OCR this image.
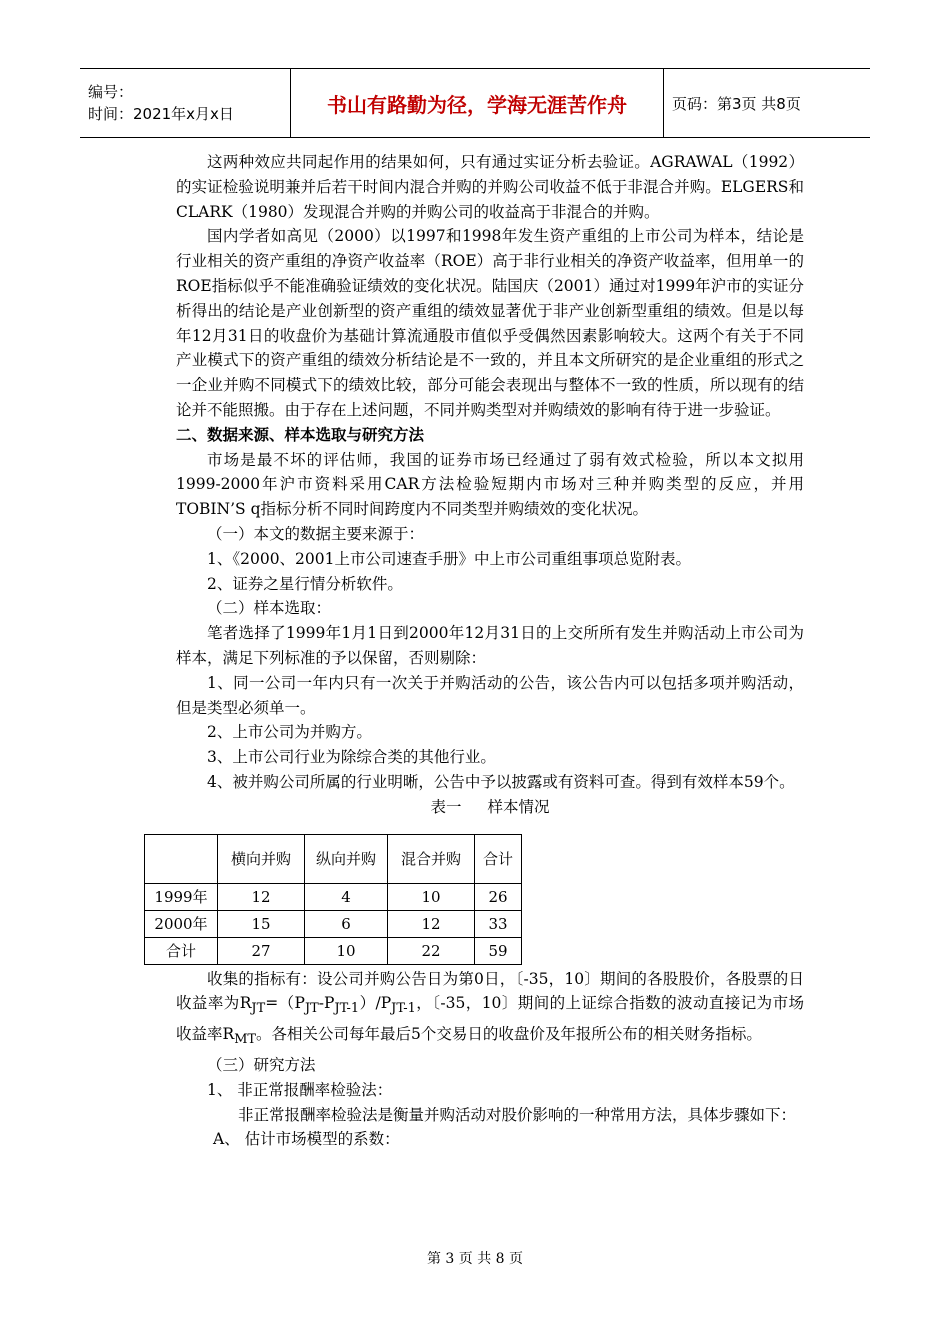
编号：
时间：2021年x月x日	书山有路勤为径，学海无涯苦作舟	页码：第3页 共8页

这两种效应共同起作用的结果如何，只有通过实证分析去验证。AGRAWAL（1992）的实证检验说明兼并后若干时间内混合并购的并购公司收益不低于非混合并购。ELGERS和CLARK（1980）发现混合并购的并购公司的收益高于非混合的并购。

国内学者如高见（2000）以1997和1998年发生资产重组的上市公司为样本，结论是行业相关的资产重组的净资产收益率（ROE）高于非行业相关的净资产收益率，但用单一的ROE指标似乎不能准确验证绩效的变化状况。陆国庆（2001）通过对1999年沪市的实证分析得出的结论是产业创新型的资产重组的绩效显著优于非产业创新型重组的绩效。但是以每年12月31日的收盘价为基础计算流通股市值似乎受偶然因素影响较大。这两个有关于不同产业模式下的资产重组的绩效分析结论是不一致的，并且本文所研究的是企业重组的形式之一企业并购不同模式下的绩效比较，部分可能会表现出与整体不一致的性质，所以现有的结论并不能照搬。由于存在上述问题，不同并购类型对并购绩效的影响有待于进一步验证。

二、数据来源、样本选取与研究方法

市场是最不坏的评估师，我国的证券市场已经通过了弱有效式检验，所以本文拟用1999-2000年沪市资料采用CAR方法检验短期内市场对三种并购类型的反应，并用TOBIN’S q指标分析不同时间跨度内不同类型并购绩效的变化状况。

（一）本文的数据主要来源于：

1、《2000、2001上市公司速查手册》中上市公司重组事项总览附表。

2、证券之星行情分析软件。

（二）样本选取：

笔者选择了1999年1月1日到2000年12月31日的上交所所有发生并购活动上市公司为样本，满足下列标准的予以保留，否则剔除：

1、同一公司一年内只有一次关于并购活动的公告，该公告内可以包括多项并购活动，但是类型必须单一。

2、上市公司为并购方。

3、上市公司行业为除综合类的其他行业。

4、被并购公司所属的行业明晰，公告中予以披露或有资料可查。得到有效样本59个。

表一 样本情况

	横向并购	纵向并购	混合并购	合计
1999年	12	4	10	26
2000年	15	6	12	33
合计	27	10	22	59

收集的指标有：设公司并购公告日为第0日，〔-35，10〕期间的各股股价，各股票的日收益率为$R_{JT}=(P_{JT}-P_{JT-1})/P_{JT-1}$，〔-35，10〕期间的上证综合指数的波动直接记为市场收益率$R_{MT}$。各相关公司每年最后5个交易日的收盘价及年报所公布的相关财务指标。

（三）研究方法

1、 非正常报酬率检验法：

非正常报酬率检验法是衡量并购活动对股价影响的一种常用方法，具体步骤如下：

A、 估计市场模型的系数：

第 3 页 共 8 页
